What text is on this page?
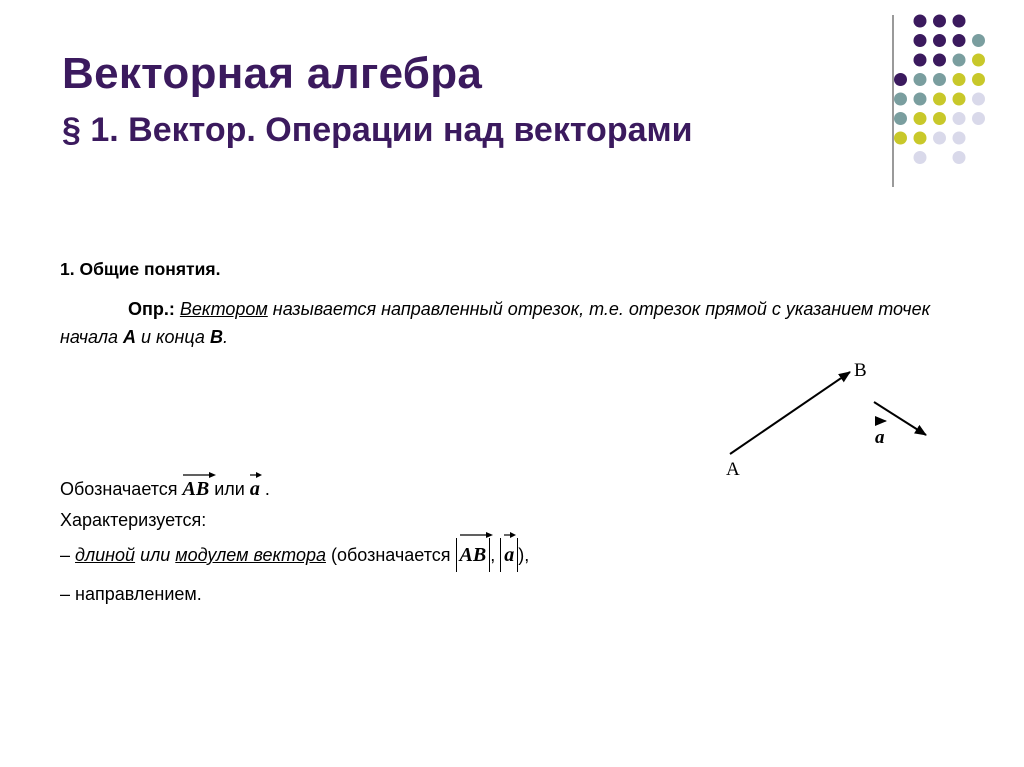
Векторная алгебра
§ 1. Вектор. Операции над векторами
1. Общие понятия.
Опр.: Вектором называется направленный отрезок, т.е. отрезок прямой с указанием точек начала A и конца B.
A
B
a
Обозначается
AB или
a .
Характеризуется:
– длиной или модулем вектора (обозначается
AB ,
a ),
– направлением.
